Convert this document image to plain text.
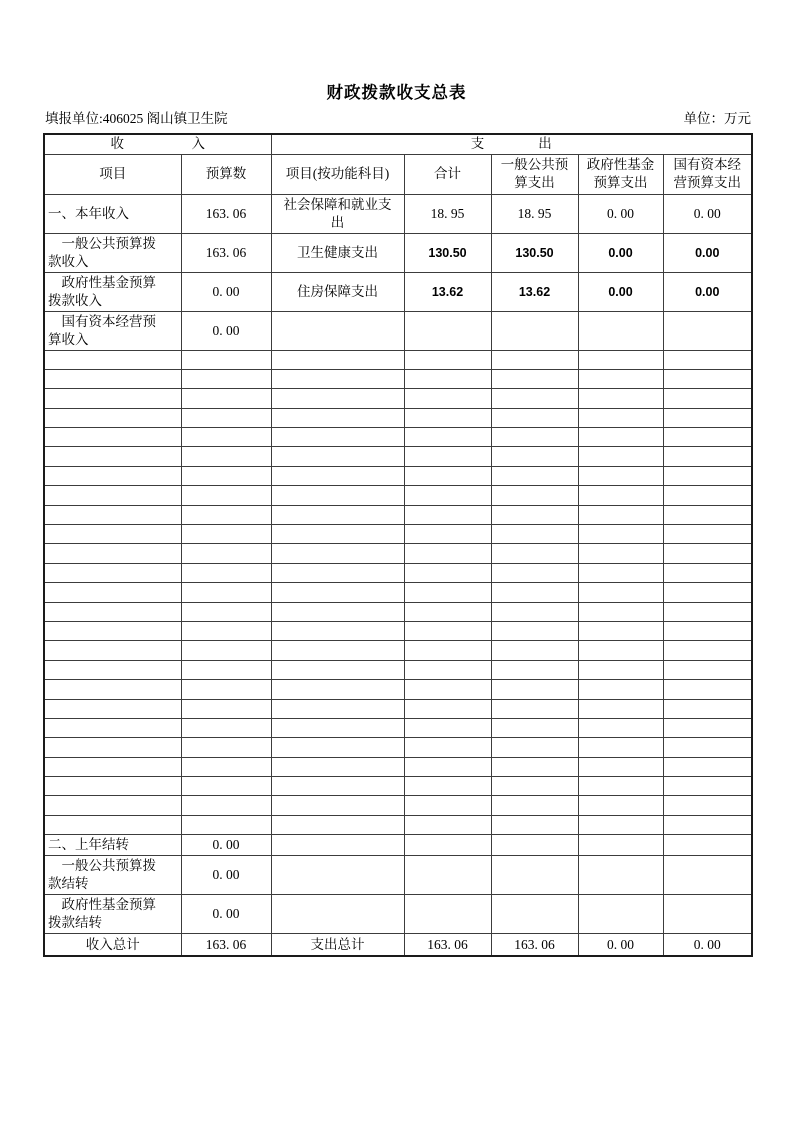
财政拨款收支总表
填报单位:406025 阁山镇卫生院	单位：万元
收　　　　　入		支　　　　出				
项目	预算数	项目(按功能科目)	合计	一般公共预算支出	政府性基金预算支出	国有资本经营预算支出
一、本年收入	163. 06	社会保障和就业支出	18. 95	18. 95	0. 00	0. 00
　一般公共预算拨款收入	163. 06	卫生健康支出	130.50	130.50	0.00	0.00
　政府性基金预算拨款收入	0. 00	住房保障支出	13.62	13.62	0.00	0.00
　国有资本经营预算收入	0. 00					

二、上年结转	0. 00					
　一般公共预算拨款结转	0. 00					
　政府性基金预算拨款结转	0. 00					
收入总计	163. 06	支出总计	163. 06	163. 06	0. 00	0. 00
